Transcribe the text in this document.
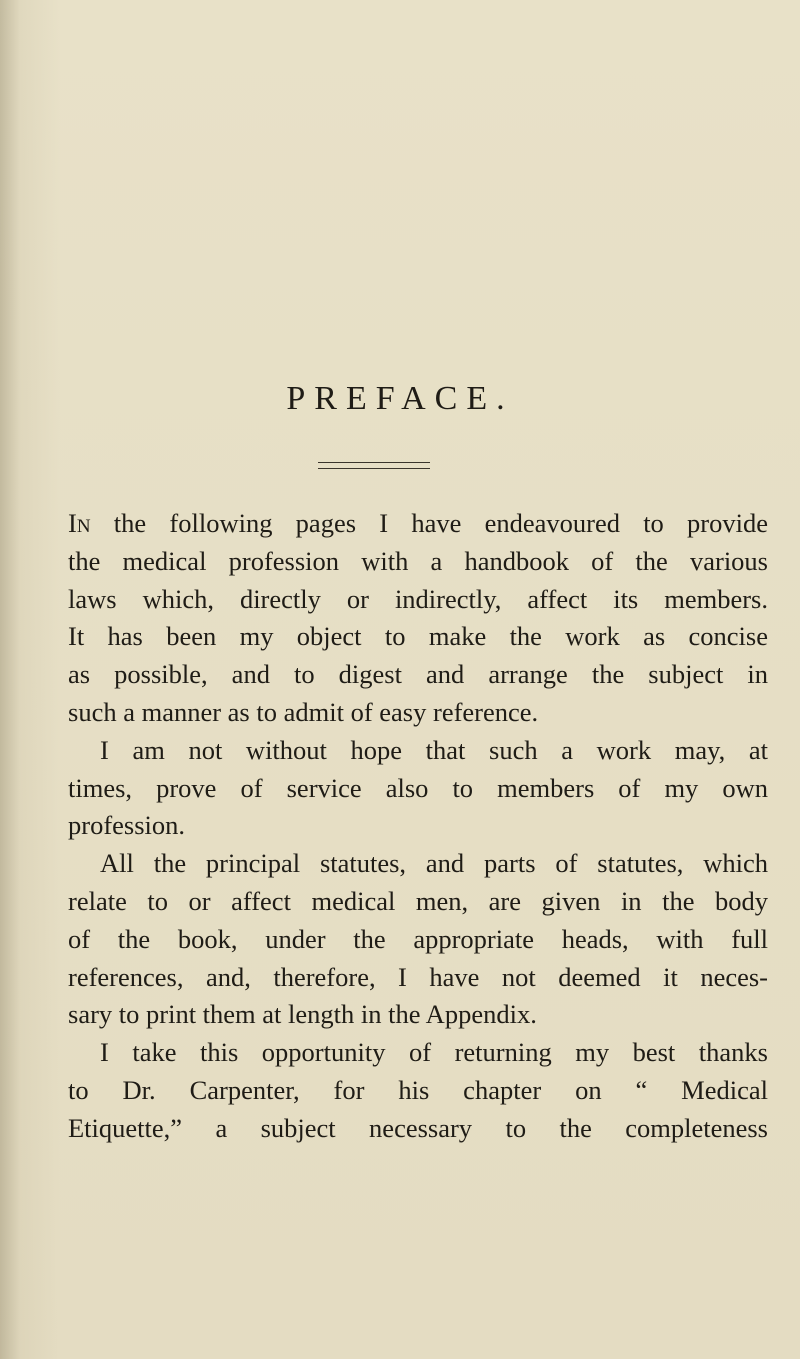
PREFACE.
In the following pages I have endeavoured to provide
the medical profession with a handbook of the various
laws which, directly or indirectly, affect its members.
It has been my object to make the work as concise
as possible, and to digest and arrange the subject in
such a manner as to admit of easy reference.
I am not without hope that such a work may, at
times, prove of service also to members of my own
profession.
All the principal statutes, and parts of statutes, which
relate to or affect medical men, are given in the body
of the book, under the appropriate heads, with full
references, and, therefore, I have not deemed it neces-
sary to print them at length in the Appendix.
I take this opportunity of returning my best thanks
to Dr. Carpenter, for his chapter on “ Medical
Etiquette,” a subject necessary to the completeness
